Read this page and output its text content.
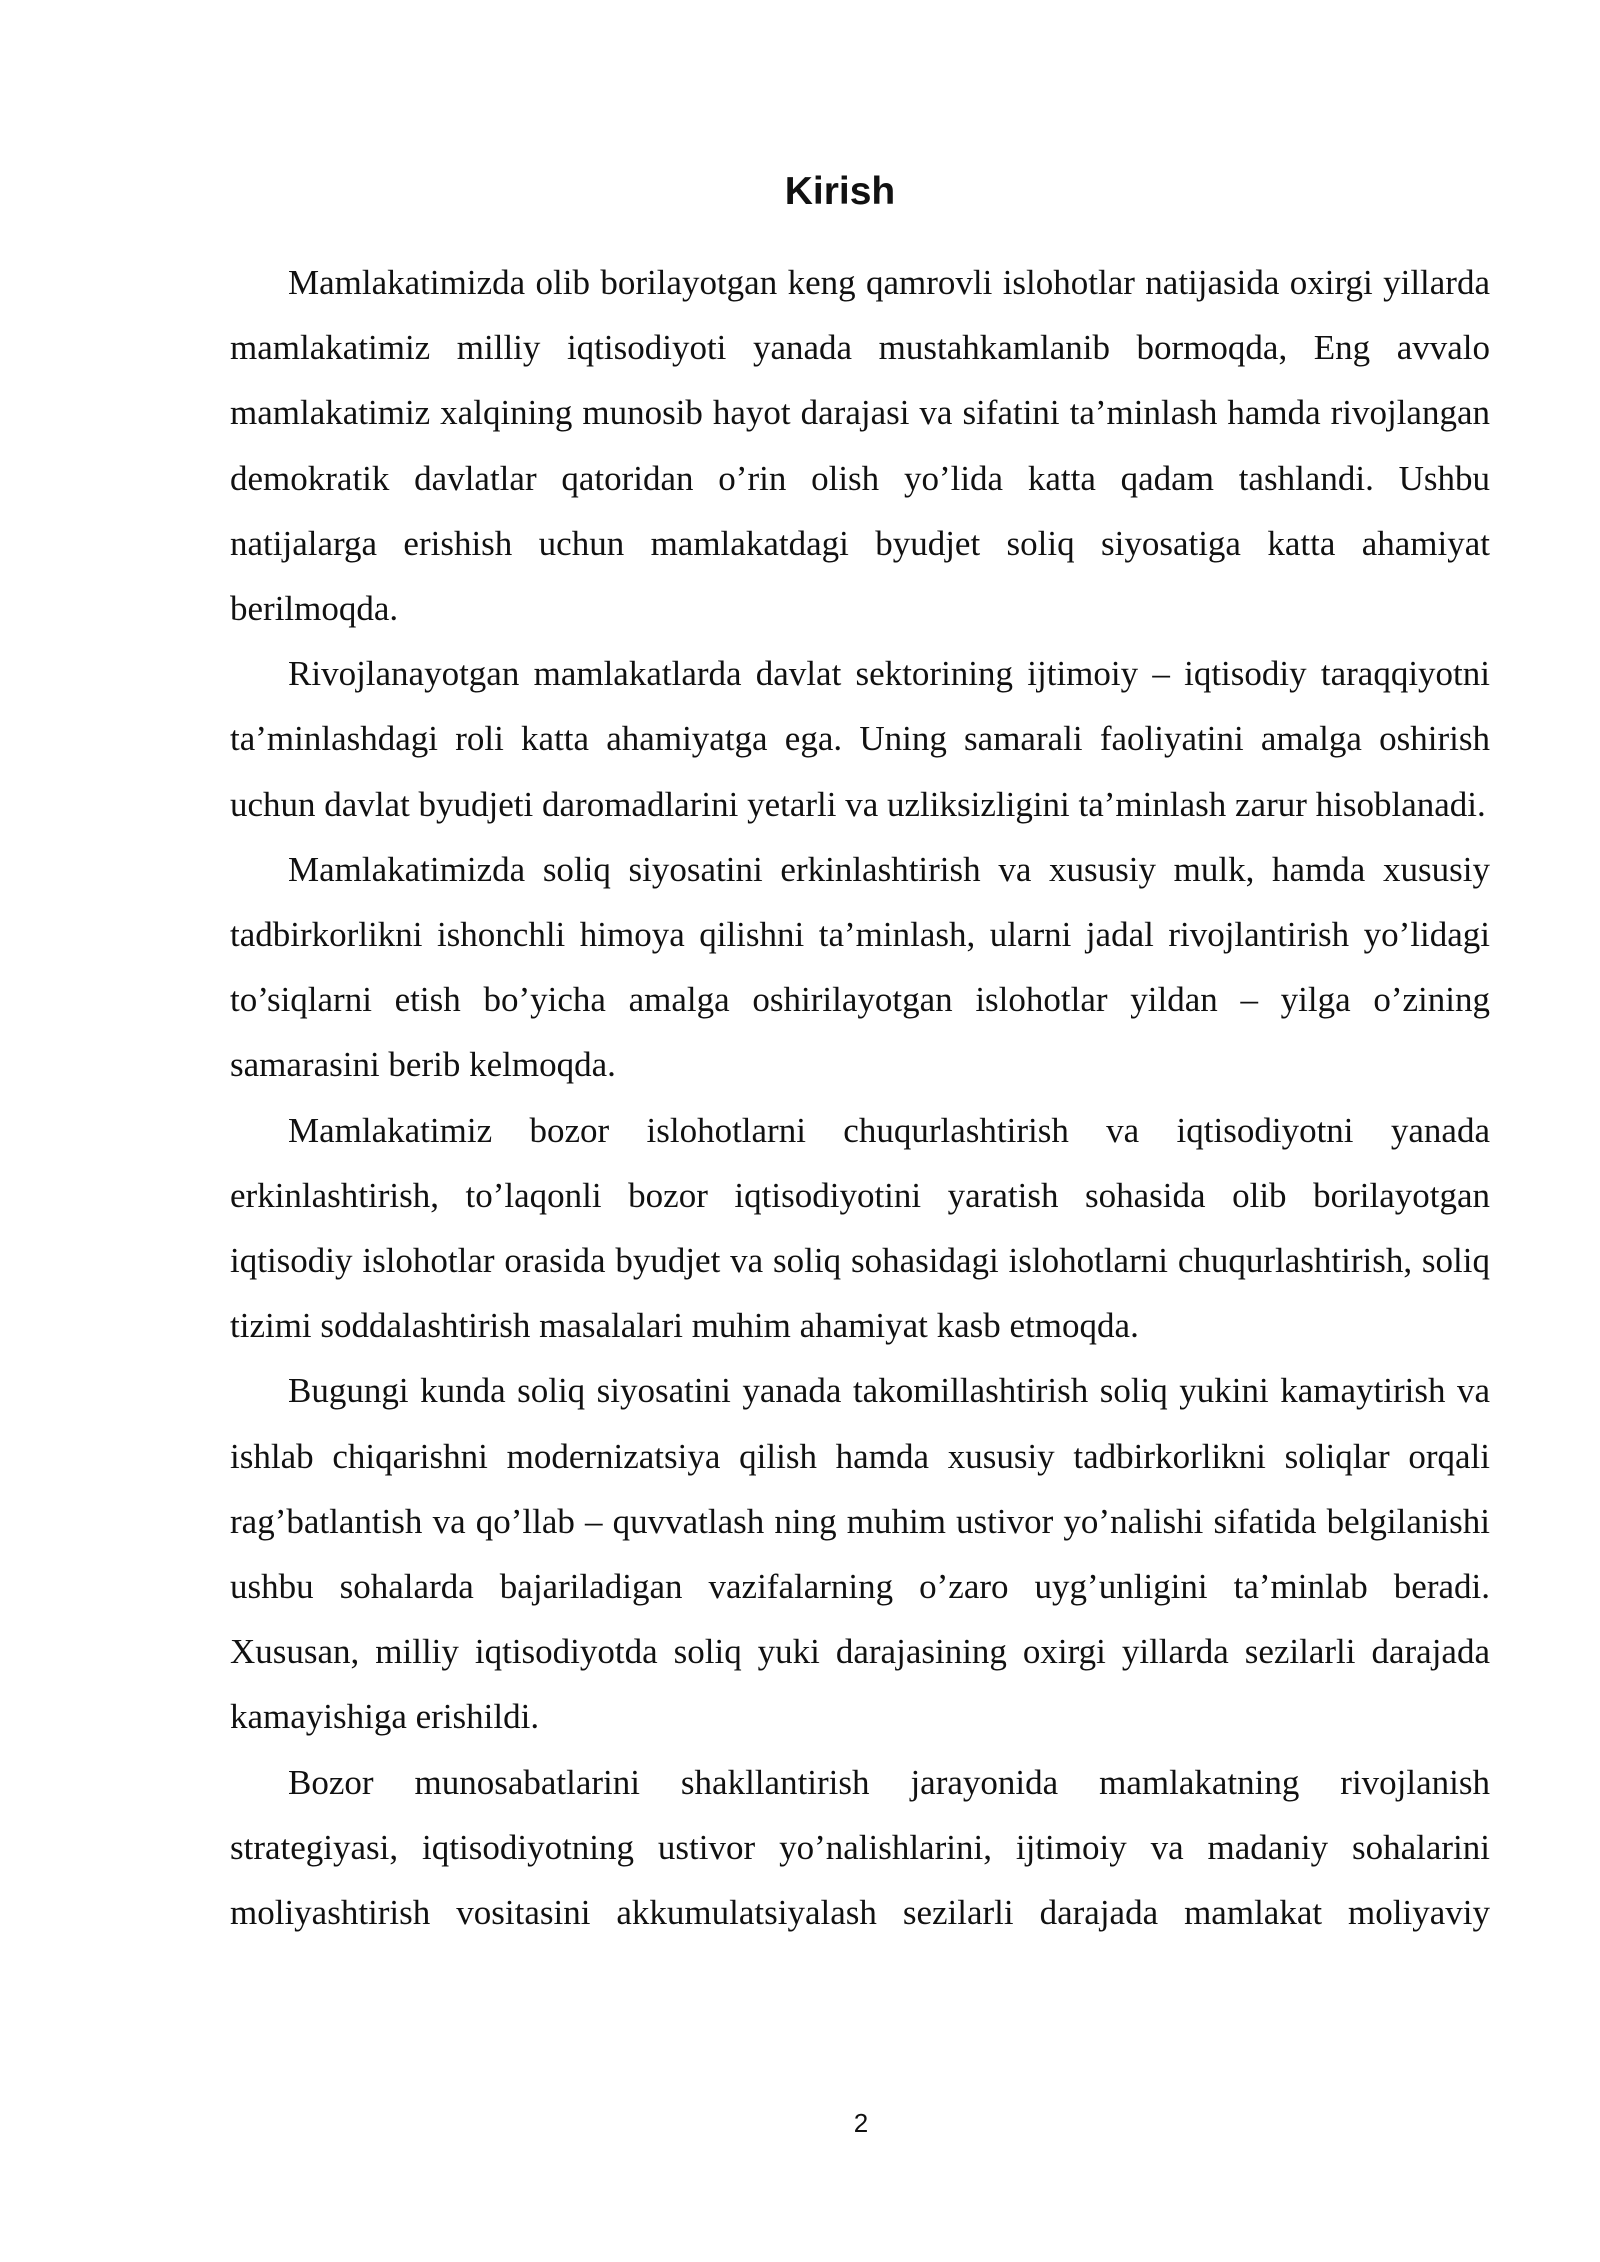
Kirish

Mamlakatimizda olib borilayotgan keng qamrovli islohotlar natijasida oxirgi yillarda mamlakatimiz milliy iqtisodiyoti yanada mustahkamlanib bormoqda, Eng avvalo mamlakatimiz xalqining munosib hayot darajasi va sifatini ta’minlash hamda rivojlangan demokratik davlatlar qatoridan o’rin olish yo’lida katta qadam tashlandi. Ushbu natijalarga erishish uchun mamlakatdagi byudjet soliq siyosatiga katta ahamiyat berilmoqda.

Rivojlanayotgan mamlakatlarda davlat sektorining ijtimoiy – iqtisodiy taraqqiyotni ta’minlashdagi roli katta ahamiyatga ega. Uning samarali faoliyatini amalga oshirish uchun davlat byudjeti daromadlarini yetarli va uzliksizligini ta’minlash zarur hisoblanadi.

Mamlakatimizda soliq siyosatini erkinlashtirish va xususiy mulk, hamda xususiy tadbirkorlikni ishonchli himoya qilishni ta’minlash, ularni jadal rivojlantirish yo’lidagi to’siqlarni etish bo’yicha amalga oshirilayotgan islohotlar yildan – yilga o’zining samarasini berib kelmoqda.

Mamlakatimiz bozor islohotlarni chuqurlashtirish va iqtisodiyotni yanada erkinlashtirish, to’laqonli bozor iqtisodiyotini yaratish sohasida olib borilayotgan iqtisodiy islohotlar orasida byudjet va soliq sohasidagi islohotlarni chuqurlashtirish, soliq tizimi soddalashtirish masalalari muhim ahamiyat kasb etmoqda.

Bugungi kunda soliq siyosatini yanada takomillashtirish soliq yukini kamaytirish va ishlab chiqarishni modernizatsiya qilish hamda xususiy tadbirkorlikni soliqlar orqali rag’batlantish va qo’llab – quvvatlash ning muhim ustivor yo’nalishi sifatida belgilanishi ushbu sohalarda bajariladigan vazifalarning o’zaro uyg’unligini ta’minlab beradi. Xususan, milliy iqtisodiyotda soliq yuki darajasining oxirgi yillarda sezilarli darajada kamayishiga erishildi.

Bozor munosabatlarini shakllantirish jarayonida mamlakatning rivojlanish strategiyasi, iqtisodiyotning ustivor yo’nalishlarini, ijtimoiy va madaniy sohalarini moliyashtirish vositasini akkumulatsiyalash sezilarli darajada mamlakat moliyaviy

2
